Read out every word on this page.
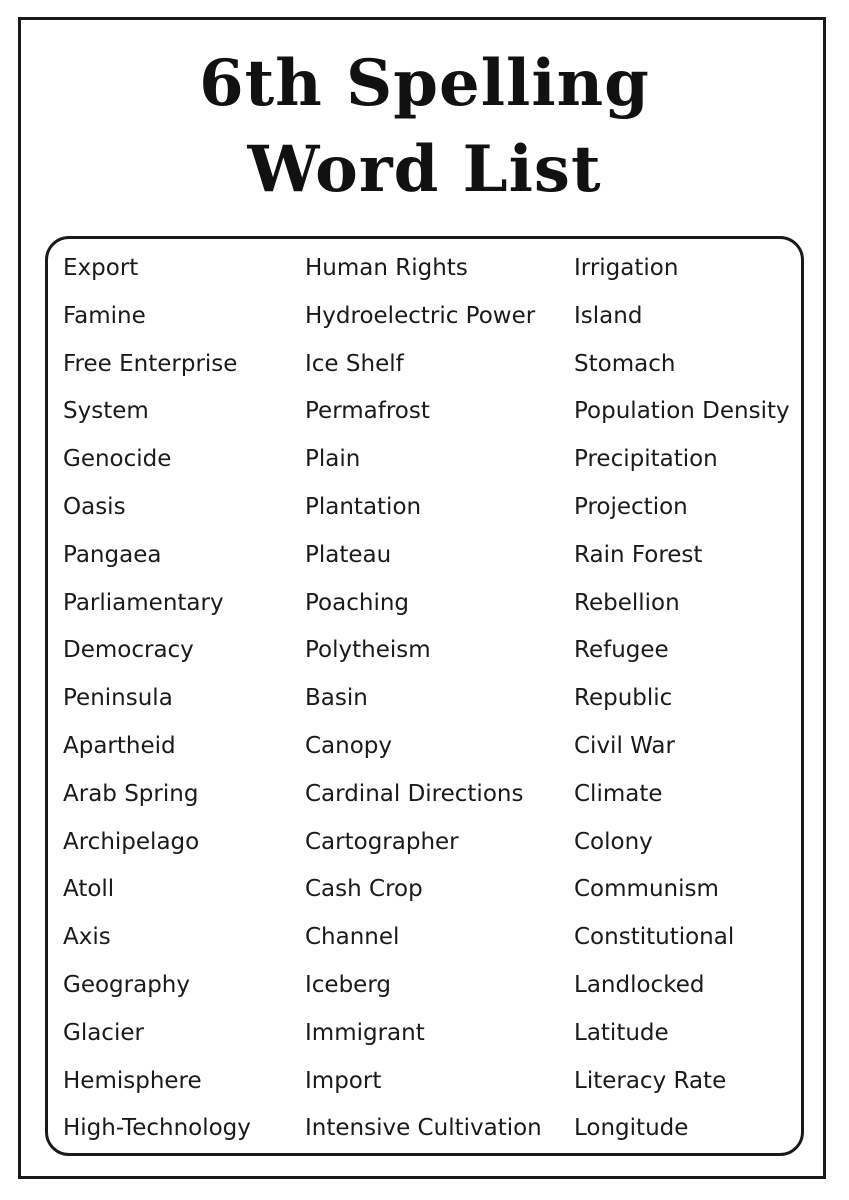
6th Spelling
Word List
Export
Famine
Free Enterprise
System
Genocide
Oasis
Pangaea
Parliamentary
Democracy
Peninsula
Apartheid
Arab Spring
Archipelago
Atoll
Axis
Geography
Glacier
Hemisphere
High-Technology
Human Rights
Hydroelectric Power
Ice Shelf
Permafrost
Plain
Plantation
Plateau
Poaching
Polytheism
Basin
Canopy
Cardinal Directions
Cartographer
Cash Crop
Channel
Iceberg
Immigrant
Import
Intensive Cultivation
Irrigation
Island
Stomach
Population Density
Precipitation
Projection
Rain Forest
Rebellion
Refugee
Republic
Civil War
Climate
Colony
Communism
Constitutional
Landlocked
Latitude
Literacy Rate
Longitude
